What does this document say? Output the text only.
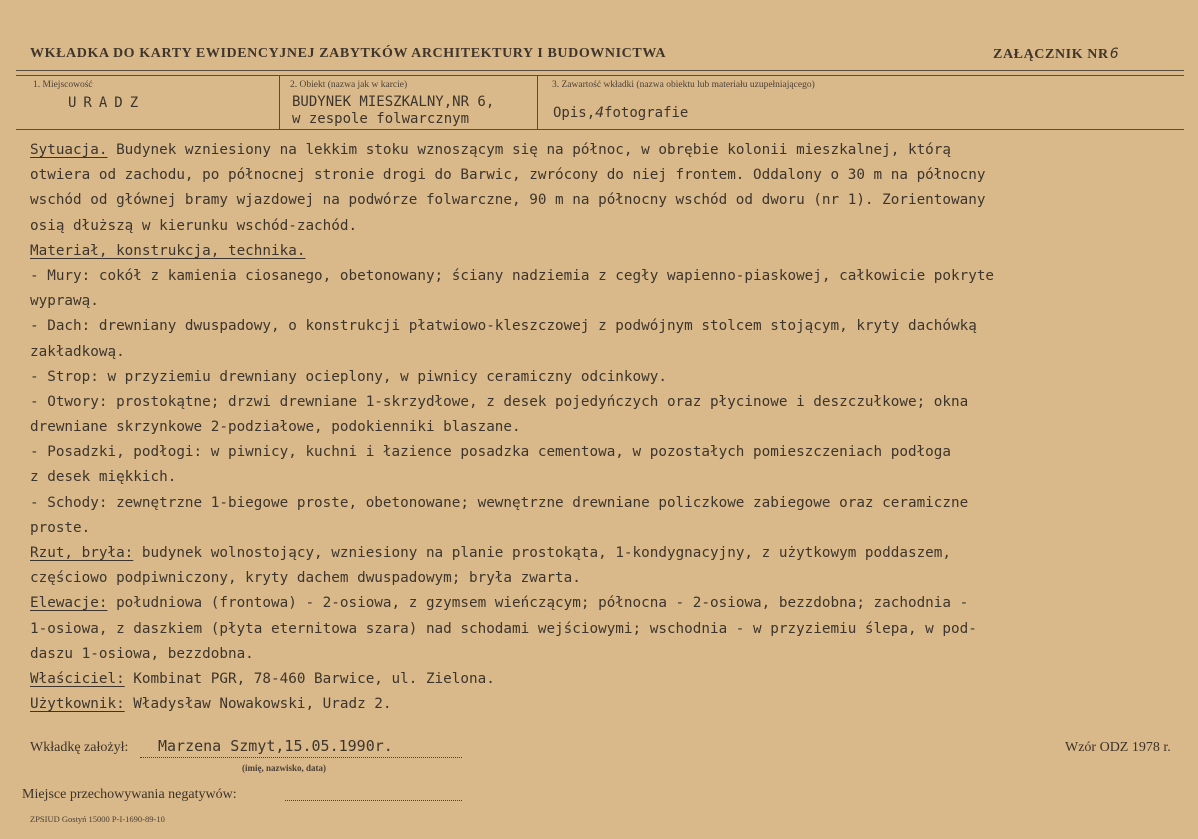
WKŁADKA DO KARTY EWIDENCYJNEJ ZABYTKÓW ARCHITEKTURY I BUDOWNICTWA	ZAŁĄCZNIK NR6
1. Miejscowość
URADZ
2. Obiekt (nazwa jak w karcie)
BUDYNEK MIESZKALNY,NR 6,
w zespole folwarcznym
3. Zawartość wkładki (nazwa obiektu lub materiału uzupełniającego)
Opis,4fotografie
Sytuacja. Budynek wzniesiony na lekkim stoku wznoszącym się na północ, w obrębie kolonii mieszkalnej, którą
otwiera od zachodu, po północnej stronie drogi do Barwic, zwrócony do niej frontem. Oddalony o 30 m na północny
wschód od głównej bramy wjazdowej na podwórze folwarczne, 90 m na północny wschód od dworu (nr 1). Zorientowany
osią dłuższą w kierunku wschód-zachód.
Materiał, konstrukcja, technika.
- Mury: cokół z kamienia ciosanego, obetonowany; ściany nadziemia z cegły wapienno-piaskowej, całkowicie pokryte
wyprawą.
- Dach: drewniany dwuspadowy, o konstrukcji płatwiowo-kleszczowej z podwójnym stolcem stojącym, kryty dachówką
zakładkową.
- Strop: w przyziemiu drewniany ocieplony, w piwnicy ceramiczny odcinkowy.
- Otwory: prostokątne; drzwi drewniane 1-skrzydłowe, z desek pojedyńczych oraz płycinowe i deszczułkowe; okna
drewniane skrzynkowe 2-podziałowe, podokienniki blaszane.
- Posadzki, podłogi: w piwnicy, kuchni i łazience posadzka cementowa, w pozostałych pomieszczeniach podłoga
z desek miękkich.
- Schody: zewnętrzne 1-biegowe proste, obetonowane; wewnętrzne drewniane policzkowe zabiegowe oraz ceramiczne
proste.
Rzut, bryła: budynek wolnostojący, wzniesiony na planie prostokąta, 1-kondygnacyjny, z użytkowym poddaszem,
częściowo podpiwniczony, kryty dachem dwuspadowym; bryła zwarta.
Elewacje: południowa (frontowa) - 2-osiowa, z gzymsem wieńczącym; północna - 2-osiowa, bezzdobna; zachodnia -
1-osiowa, z daszkiem (płyta eternitowa szara) nad schodami wejściowymi; wschodnia - w przyziemiu ślepa, w pod-
daszu 1-osiowa, bezzdobna.
Właściciel: Kombinat PGR, 78-460 Barwice, ul. Zielona.
Użytkownik: Władysław Nowakowski, Uradz 2.
Wkładkę założył: Marzena Szmyt,15.05.1990r.
(imię, nazwisko, data)
Wzór ODZ 1978 r.
Miejsce przechowywania negatywów:
ZPSIUD Gostyń 15000 P-I-1690-89-10
